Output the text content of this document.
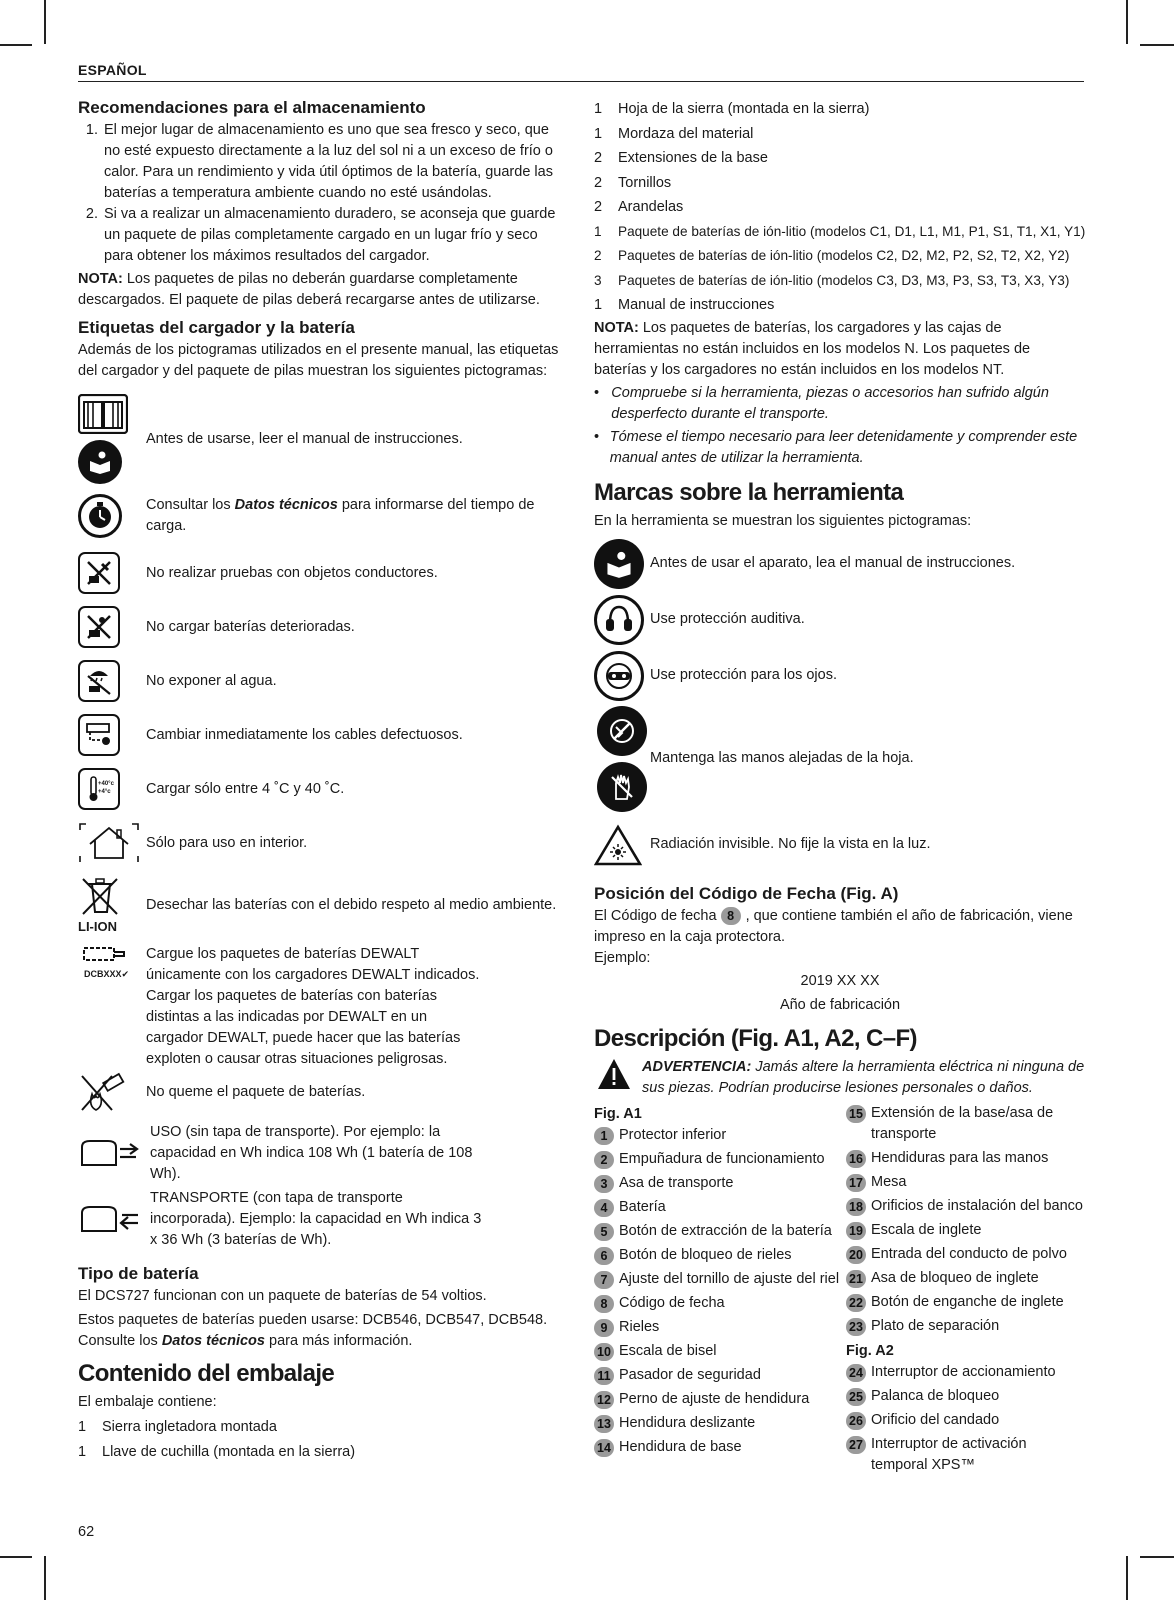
ESPAÑOL
Recomendaciones para el almacenamiento
1. El mejor lugar de almacenamiento es uno que sea fresco y seco, que no esté expuesto directamente a la luz del sol ni a un exceso de frío o calor. Para un rendimiento y vida útil óptimos de la batería, guarde las baterías a temperatura ambiente cuando no esté usándolas.
2. Si va a realizar un almacenamiento duradero, se aconseja que guarde un paquete de pilas completamente cargado en un lugar frío y seco para obtener los máximos resultados del cargador.

NOTA: Los paquetes de pilas no deberán guardarse completamente descargados. El paquete de pilas deberá recargarse antes de utilizarse.

Etiquetas del cargador y la batería

Además de los pictogramas utilizados en el presente manual, las etiquetas del cargador y del paquete de pilas muestran los siguientes pictogramas:

Antes de usarse, leer el manual de instrucciones.
Consultar los Datos técnicos para informarse del tiempo de carga.
No realizar pruebas con objetos conductores.
No cargar baterías deterioradas.
No exponer al agua.
Cambiar inmediatamente los cables defectuosos.
+40°c
+4°c Cargar sólo entre 4 ˚C y 40 ˚C.
Sólo para uso en interior.
LI-ION
Desechar las baterías con el debido respeto al medio ambiente.
DCBXXX✔
Cargue los paquetes de baterías DEWALT únicamente con los cargadores DEWALT indicados. Cargar los paquetes de baterías con baterías distintas a las indicadas por DEWALT en un cargador DEWALT, puede hacer que las baterías exploten o causar otras situaciones peligrosas.
No queme el paquete de baterías.
USO (sin tapa de transporte). Por ejemplo: la capacidad en Wh indica 108 Wh (1 batería de 108 Wh).
TRANSPORTE (con tapa de transporte incorporada). Ejemplo: la capacidad en Wh indica 3 x 36 Wh (3 baterías de Wh).
Tipo de batería

El DCS727 funcionan con un paquete de baterías de 54 voltios.

Estos paquetes de baterías pueden usarse: DCB546, DCB547, DCB548. Consulte los Datos técnicos para más información.

Contenido del embalaje

El embalaje contiene:

1	Sierra ingletadora montada
1	Llave de cuchilla (montada en la sierra)
1	Hoja de la sierra (montada en la sierra)
1	Mordaza del material
2	Extensiones de la base
2	Tornillos
2	Arandelas
1	Paquete de baterías de ión-litio (modelos C1, D1, L1, M1, P1, S1, T1, X1, Y1)
2	Paquetes de baterías de ión-litio (modelos C2, D2, M2, P2, S2, T2, X2, Y2)
3	Paquetes de baterías de ión-litio (modelos C3, D3, M3, P3, S3, T3, X3, Y3)
1	Manual de instrucciones

NOTA: Los paquetes de baterías, los cargadores y las cajas de herramientas no están incluidos en los modelos N. Los paquetes de baterías y los cargadores no están incluidos en los modelos NT.

• Compruebe si la herramienta, piezas o accesorios han sufrido algún desperfecto durante el transporte.
• Tómese el tiempo necesario para leer detenidamente y comprender este manual antes de utilizar la herramienta.
Marcas sobre la herramienta

En la herramienta se muestran los siguientes pictogramas:

Antes de usar el aparato, lea el manual de instrucciones.
Use protección auditiva.
Use protección para los ojos.
Mantenga las manos alejadas de la hoja.
Radiación invisible. No fije la vista en la luz.
Posición del Código de Fecha (Fig. A)

El Código de fecha 8 , que contiene también el año de fabricación, viene impreso en la caja protectora.

Ejemplo:

2019 XX XX
Año de fabricación
Descripción (Fig. A1, A2, C–F)
ADVERTENCIA: Jamás altere la herramienta eléctrica ni ninguna de sus piezas. Podrían producirse lesiones personales o daños.
Fig. A1
1 Protector inferior
2 Empuñadura de funcionamiento
3 Asa de transporte
4 Batería
5 Botón de extracción de la batería
6 Botón de bloqueo de rieles
7 Ajuste del tornillo de ajuste del riel
8 Código de fecha
9 Rieles
10 Escala de bisel
11 Pasador de seguridad
12 Perno de ajuste de hendidura
13 Hendidura deslizante
14 Hendidura de base
15 Extensión de la base/asa de transporte
16 Hendiduras para las manos
17 Mesa
18 Orificios de instalación del banco
19 Escala de inglete
20 Entrada del conducto de polvo
21 Asa de bloqueo de inglete
22 Botón de enganche de inglete
23 Plato de separación
Fig. A2
24 Interruptor de accionamiento
25 Palanca de bloqueo
26 Orificio del candado
27 Interruptor de activación temporal XPS™
62
